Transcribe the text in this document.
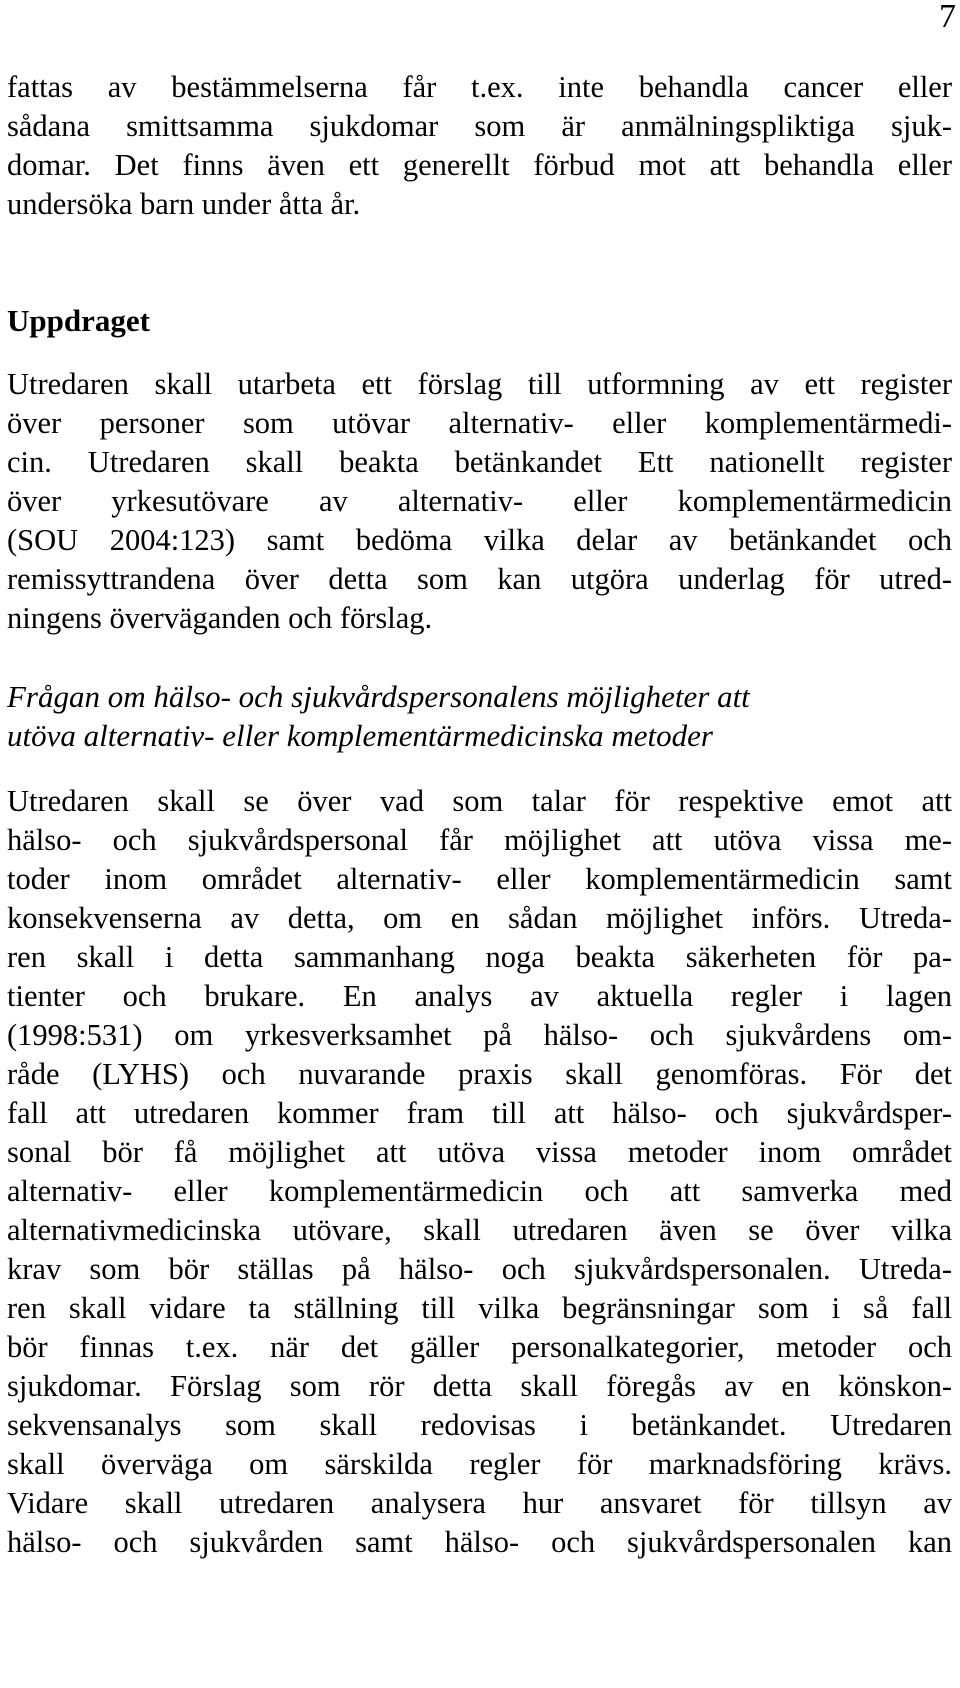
7
fattas av bestämmelserna får t.ex. inte behandla cancer eller
sådana smittsamma sjukdomar som är anmälningspliktiga sjuk-
domar. Det finns även ett generellt förbud mot att behandla eller
undersöka barn under åtta år.
Uppdraget
Utredaren skall utarbeta ett förslag till utformning av ett register
över personer som utövar alternativ- eller komplementärmedi-
cin. Utredaren skall beakta betänkandet Ett nationellt register
över yrkesutövare av alternativ- eller komplementärmedicin
(SOU 2004:123) samt bedöma vilka delar av betänkandet och
remissyttrandena över detta som kan utgöra underlag för utred-
ningens överväganden och förslag.
Frågan om hälso- och sjukvårdspersonalens möjligheter att
utöva alternativ- eller komplementärmedicinska metoder
Utredaren skall se över vad som talar för respektive emot att
hälso- och sjukvårdspersonal får möjlighet att utöva vissa me-
toder inom området alternativ- eller komplementärmedicin samt
konsekvenserna av detta, om en sådan möjlighet införs. Utreda-
ren skall i detta sammanhang noga beakta säkerheten för pa-
tienter och brukare. En analys av aktuella regler i lagen
(1998:531) om yrkesverksamhet på hälso- och sjukvårdens om-
råde (LYHS) och nuvarande praxis skall genomföras. För det
fall att utredaren kommer fram till att hälso- och sjukvårdsper-
sonal bör få möjlighet att utöva vissa metoder inom området
alternativ- eller komplementärmedicin och att samverka med
alternativmedicinska utövare, skall utredaren även se över vilka
krav som bör ställas på hälso- och sjukvårdspersonalen. Utreda-
ren skall vidare ta ställning till vilka begränsningar som i så fall
bör finnas t.ex. när det gäller personalkategorier, metoder och
sjukdomar. Förslag som rör detta skall föregås av en könskon-
sekvensanalys som skall redovisas i betänkandet. Utredaren
skall överväga om särskilda regler för marknadsföring krävs.
Vidare skall utredaren analysera hur ansvaret för tillsyn av
hälso- och sjukvården samt hälso- och sjukvårdspersonalen kan
